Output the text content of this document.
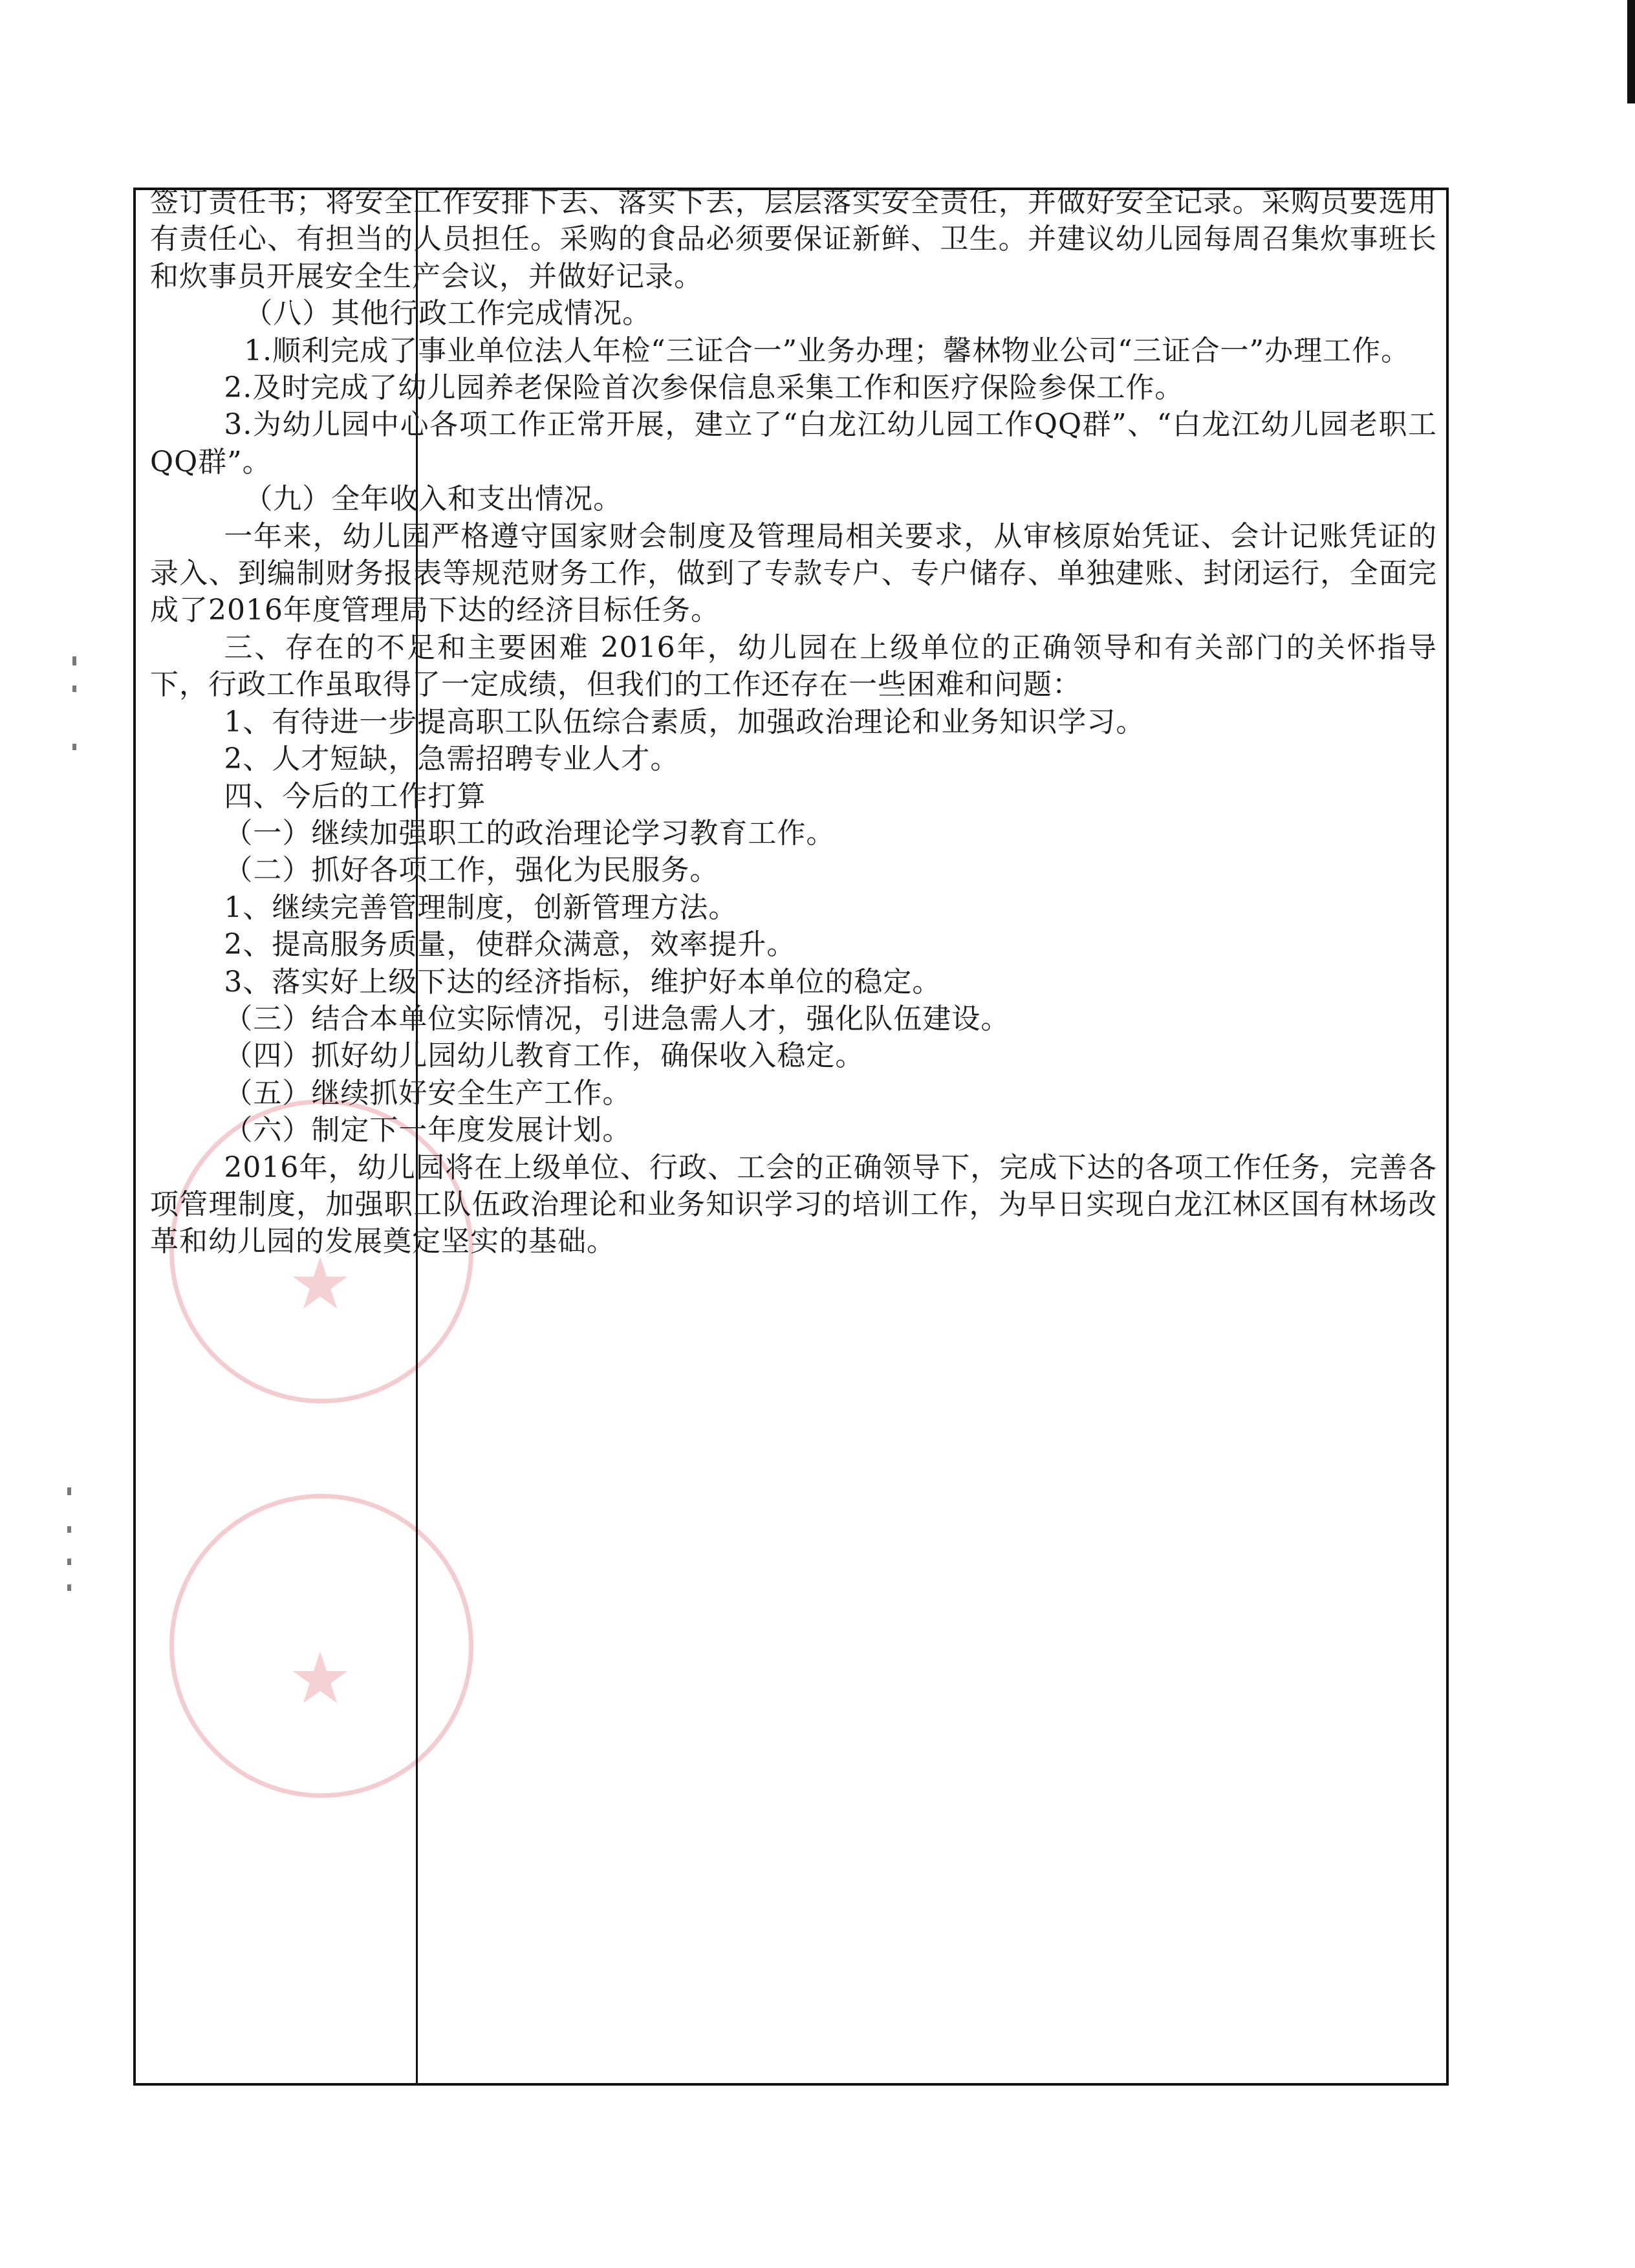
★
★

签订责任书；将安全工作安排下去、落实下去，层层落实安全责任，并做好安全记录。采购员要选用有责任心、有担当的人员担任。采购的食品必须要保证新鲜、卫生。并建议幼儿园每周召集炊事班长和炊事员开展安全生产会议，并做好记录。

（八）其他行政工作完成情况。

1.顺利完成了事业单位法人年检“三证合一”业务办理；馨林物业公司“三证合一”办理工作。

2.及时完成了幼儿园养老保险首次参保信息采集工作和医疗保险参保工作。

3.为幼儿园中心各项工作正常开展，建立了“白龙江幼儿园工作QQ群”、“白龙江幼儿园老职工QQ群”。

（九）全年收入和支出情况。

一年来，幼儿园严格遵守国家财会制度及管理局相关要求，从审核原始凭证、会计记账凭证的录入、到编制财务报表等规范财务工作，做到了专款专户、专户储存、单独建账、封闭运行，全面完成了2016年度管理局下达的经济目标任务。

三、存在的不足和主要困难 2016年，幼儿园在上级单位的正确领导和有关部门的关怀指导下，行政工作虽取得了一定成绩，但我们的工作还存在一些困难和问题：

1、有待进一步提高职工队伍综合素质，加强政治理论和业务知识学习。

2、人才短缺，急需招聘专业人才。

四、今后的工作打算

（一）继续加强职工的政治理论学习教育工作。

（二）抓好各项工作，强化为民服务。

1、继续完善管理制度，创新管理方法。

2、提高服务质量，使群众满意，效率提升。

3、落实好上级下达的经济指标，维护好本单位的稳定。

（三）结合本单位实际情况，引进急需人才，强化队伍建设。

（四）抓好幼儿园幼儿教育工作，确保收入稳定。

（五）继续抓好安全生产工作。

（六）制定下一年度发展计划。

2016年，幼儿园将在上级单位、行政、工会的正确领导下，完成下达的各项工作任务，完善各项管理制度，加强职工队伍政治理论和业务知识学习的培训工作，为早日实现白龙江林区国有林场改革和幼儿园的发展奠定坚实的基础。
